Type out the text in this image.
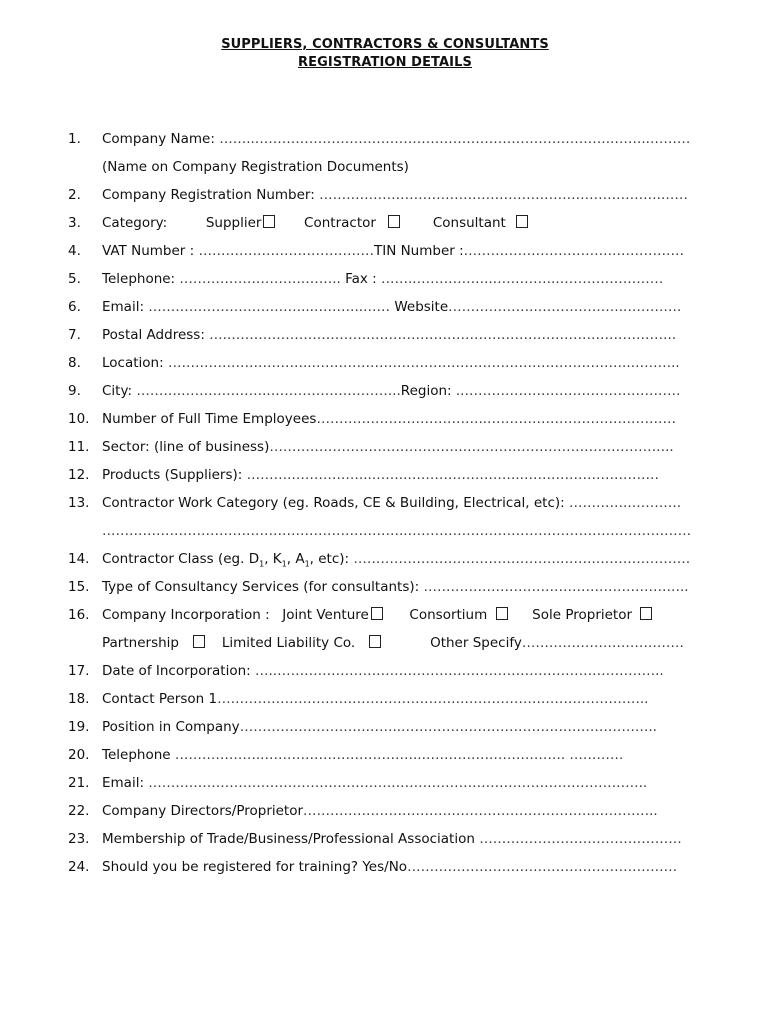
SUPPLIERS, CONTRACTORS & CONSULTANTS
REGISTRATION DETAILS
1. Company Name: ……..……………………………………………………………………..……..………
(Name on Company Registration Documents)
2. Company Registration Number: ………………………………………………………………….……
3. Category:	Supplier	Contractor	Consultant
4. VAT Number : …………………………………TIN Number :…………………………….……………
5. Telephone: ……………………….…….. Fax : ……..……………..…………..……………………
6. Email: ……………………….……...………..…… Website………………..………………..…………
7. Postal Address: …..………………………….…………………………………………………………..
8. Location: …………………………..……………………………………………………………..………..
9. City: ……….………………..………………………..Region: ..…………………………………………
10. Number of Full Time Employees………………………………..……………………………………
11. Sector: (line of business)…………………………………….………………………………………..
12. Products (Suppliers): ……….……………...……..……………………..…………………………
13. Contractor Work Category (eg. Roads, CE & Building, Electrical, etc): ………….…………
…………………………………………………………..………………………………………………………
14. Contractor Class (eg. $D_1$, $K_1$, $A_1$, etc): ………………………………………..…….…………………
15. Type of Consultancy Services (for consultants): …………………………………………………..
16. Company Incorporation :  Joint Venture	Consortium	Sole Proprietor
Partnership	Limited Liability Co.	Other Specify………………………………
17. Date of Incorporation: …..…………………………………………………………………………..
18. Contact Person 1……………………………………………….…………………………………..
19. Position in Company……………………….……..……………………………….………………..
20. Telephone ………………..……………………………..…………….……………. …………
21. Email: ……………………………………………….………………………………………………..
22. Company Directors/Proprietor…………………………….………………………….…………..
23. Membership of Trade/Business/Professional Association ………………………………………
24. Should you be registered for training? Yes/No……………………………………………………
